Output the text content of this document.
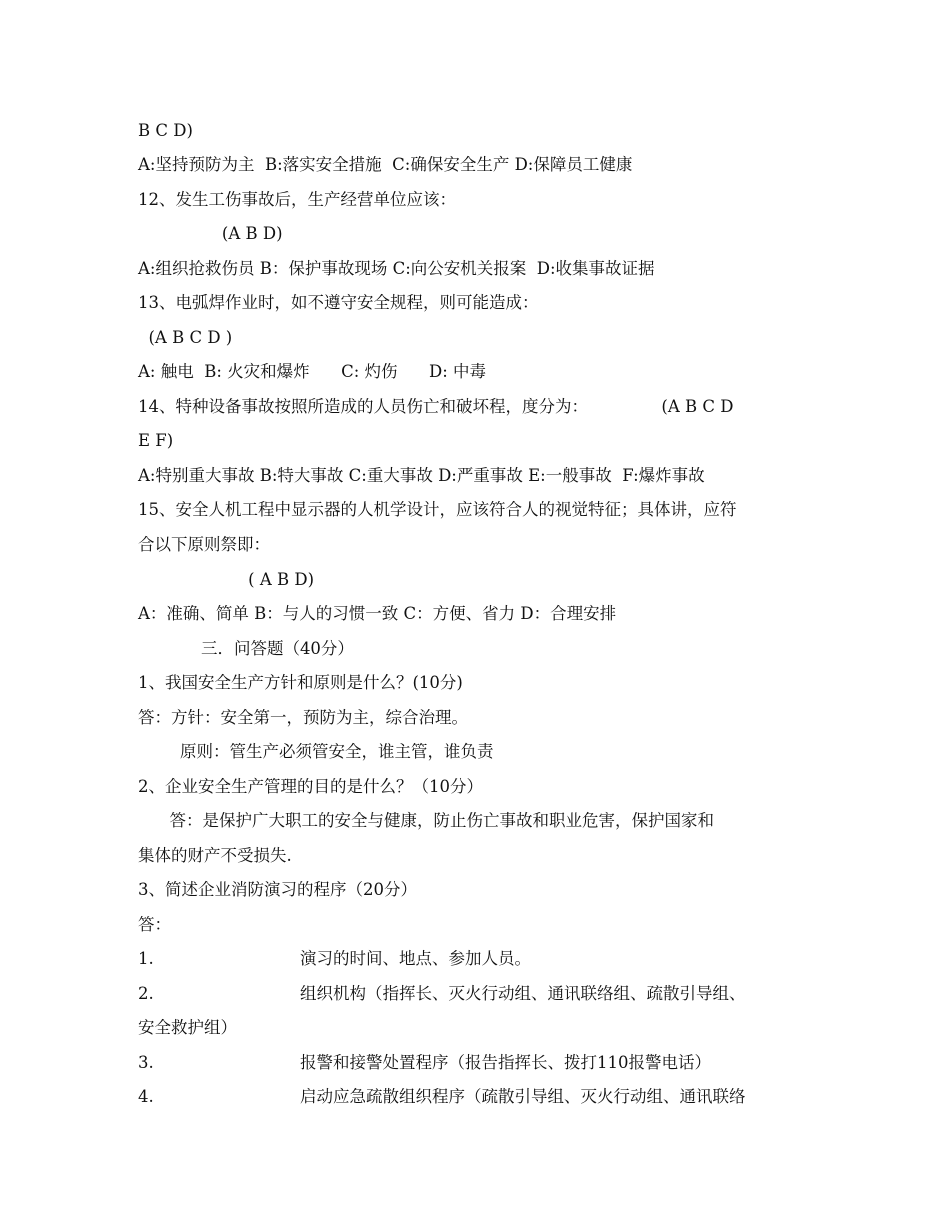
B C D)
A:坚持预防为主  B:落实安全措施  C:确保安全生产 D:保障员工健康
12、发生工伤事故后，生产经营单位应该：
(A B D)
A:组织抢救伤员 B：保护事故现场 C:向公安机关报案  D:收集事故证据
13、电弧焊作业时，如不遵守安全规程，则可能造成：
(A B C D )
A: 触电  B: 火灾和爆炸      C: 灼伤      D: 中毒
14、特种设备事故按照所造成的人员伤亡和破坏程，度分为：              (A B C D
E F)
A:特别重大事故 B:特大事故 C:重大事故 D:严重事故 E:一般事故  F:爆炸事故
15、安全人机工程中显示器的人机学设计，应该符合人的视觉特征；具体讲，应符
合以下原则祭即：
( A B D)
A：准确、简单 B：与人的习惯一致 C：方便、省力 D：合理安排
三．问答题（40分）
1、我国安全生产方针和原则是什么？(10分)
答：方针：安全第一，预防为主，综合治理。
原则：管生产必须管安全，谁主管，谁负责
2、企业安全生产管理的目的是什么？（10分）
答：是保护广大职工的安全与健康，防止伤亡事故和职业危害，保护国家和
集体的财产不受损失.
3、简述企业消防演习的程序（20分）
答：
1.	演习的时间、地点、参加人员。
2.	组织机构（指挥长、灭火行动组、通讯联络组、疏散引导组、
安全救护组）
3.	报警和接警处置程序（报告指挥长、拨打110报警电话）
4.	启动应急疏散组织程序（疏散引导组、灭火行动组、通讯联络
